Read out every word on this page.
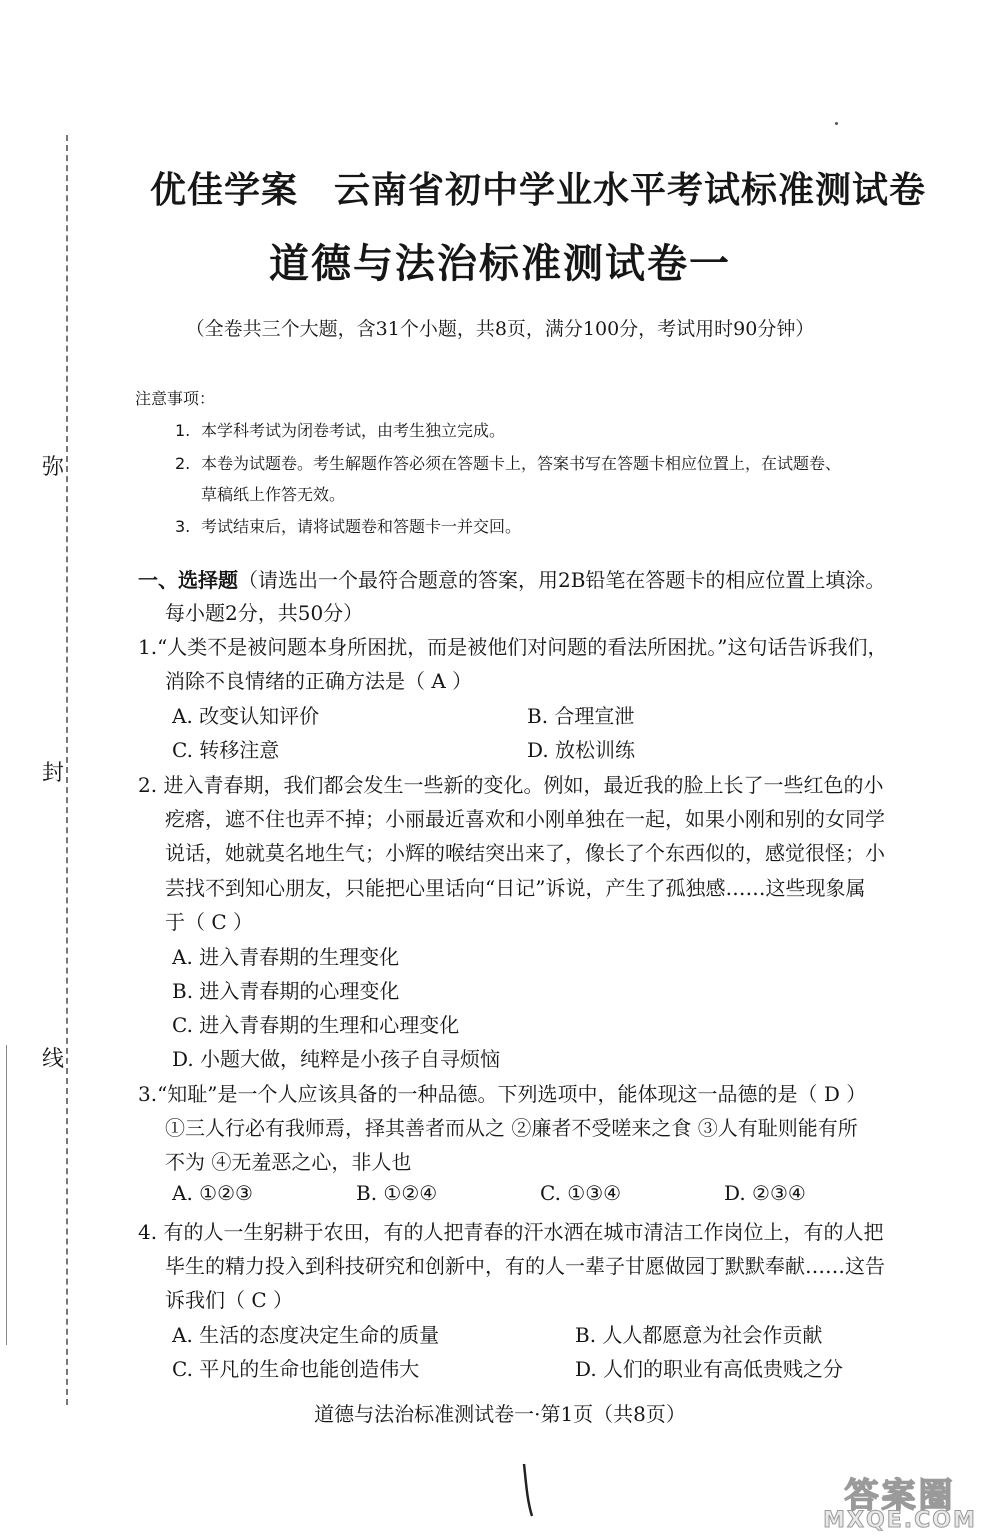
弥
封
线
优佳学案 云南省初中学业水平考试标准测试卷
道德与法治标准测试卷一
（全卷共三个大题，含31个小题，共8页，满分100分，考试用时90分钟）
注意事项：
1. 本学科考试为闭卷考试，由考生独立完成。
2. 本卷为试题卷。考生解题作答必须在答题卡上，答案书写在答题卡相应位置上，在试题卷、
草稿纸上作答无效。
3. 考试结束后，请将试题卷和答题卡一并交回。
一、选择题（请选出一个最符合题意的答案，用2B铅笔在答题卡的相应位置上填涂。
每小题2分，共50分）
1.“人类不是被问题本身所困扰，而是被他们对问题的看法所困扰。”这句话告诉我们，
消除不良情绪的正确方法是（ A ）
A. 改变认知评价	B. 合理宣泄
C. 转移注意	D. 放松训练
2. 进入青春期，我们都会发生一些新的变化。例如，最近我的脸上长了一些红色的小
疙瘩，遮不住也弄不掉；小丽最近喜欢和小刚单独在一起，如果小刚和别的女同学
说话，她就莫名地生气；小辉的喉结突出来了，像长了个东西似的，感觉很怪；小
芸找不到知心朋友，只能把心里话向“日记”诉说，产生了孤独感……这些现象属
于（ C ）
A. 进入青春期的生理变化
B. 进入青春期的心理变化
C. 进入青春期的生理和心理变化
D. 小题大做，纯粹是小孩子自寻烦恼
3.“知耻”是一个人应该具备的一种品德。下列选项中，能体现这一品德的是（ D ）
①三人行必有我师焉，择其善者而从之 ②廉者不受嗟来之食 ③人有耻则能有所
不为 ④无羞恶之心，非人也
A. ①②③	B. ①②④	C. ①③④	D. ②③④
4. 有的人一生躬耕于农田，有的人把青春的汗水洒在城市清洁工作岗位上，有的人把
毕生的精力投入到科技研究和创新中，有的人一辈子甘愿做园丁默默奉献……这告
诉我们（ C ）
A. 生活的态度决定生命的质量	B. 人人都愿意为社会作贡献
C. 平凡的生命也能创造伟大	D. 人们的职业有高低贵贱之分
道德与法治标准测试卷一·第1页（共8页）
答案圈
MXQE.COM
